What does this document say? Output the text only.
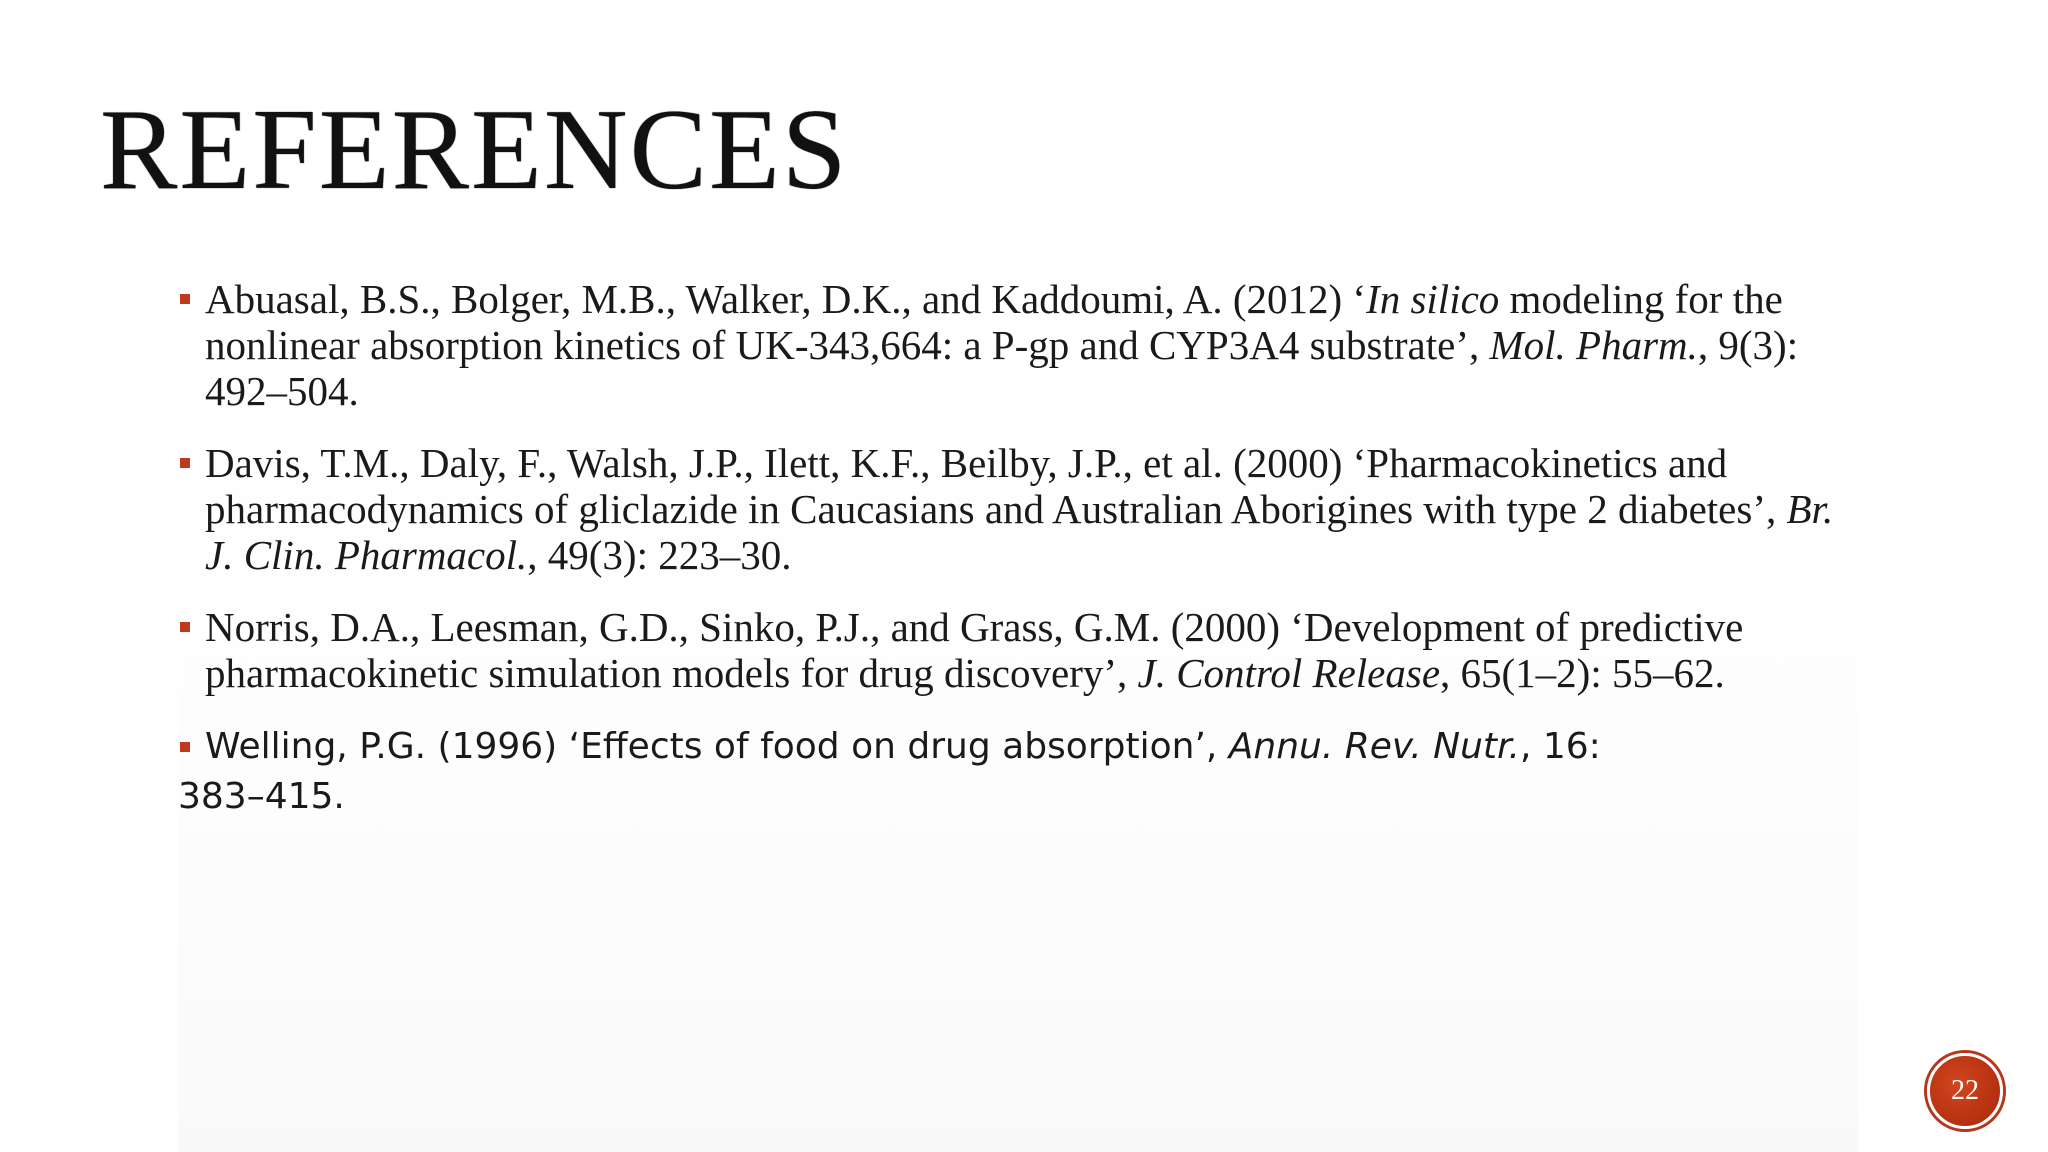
REFERENCES
Abuasal, B.S., Bolger, M.B., Walker, D.K., and Kaddoumi, A. (2012) ‘In silico modeling for the nonlinear absorption kinetics of UK-343,664: a P-gp and CYP3A4 substrate’, Mol. Pharm., 9(3): 492–504.
Davis, T.M., Daly, F., Walsh, J.P., Ilett, K.F., Beilby, J.P., et al. (2000) ‘Pharmacokinetics and pharmacodynamics of gliclazide in Caucasians and Australian Aborigines with type 2 diabetes’, Br. J. Clin. Pharmacol., 49(3): 223–30.
Norris, D.A., Leesman, G.D., Sinko, P.J., and Grass, G.M. (2000) ‘Development of predictive pharmacokinetic simulation models for drug discovery’, J. Control Release, 65(1–2): 55–62.
Welling, P.G. (1996) ‘Effects of food on drug absorption’, Annu. Rev. Nutr., 16:
383–415.
22
